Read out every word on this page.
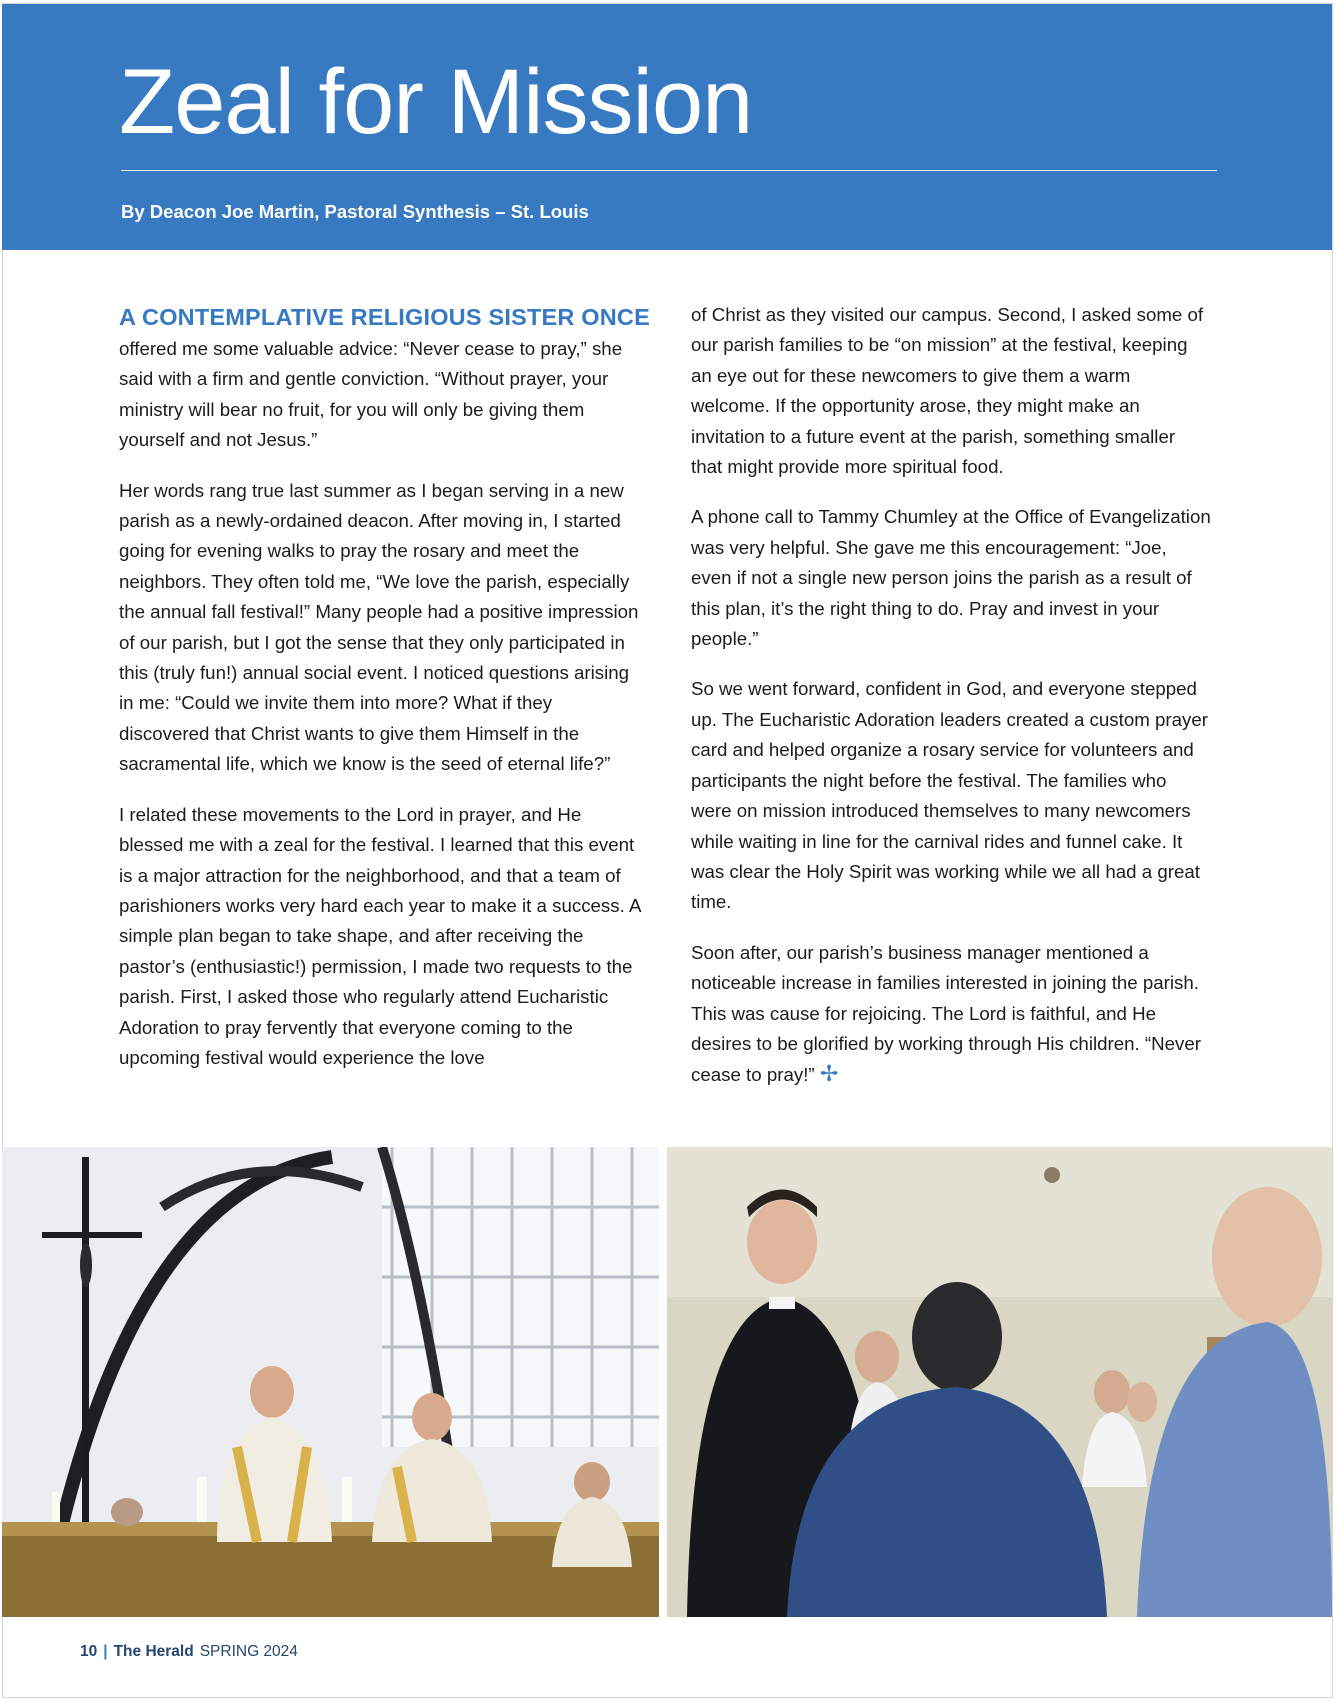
Zeal for Mission
By Deacon Joe Martin, Pastoral Synthesis – St. Louis
A CONTEMPLATIVE RELIGIOUS SISTER ONCE

offered me some valuable advice: “Never cease to pray,” she said with a firm and gentle conviction. “Without prayer, your ministry will bear no fruit, for you will only be giving them yourself and not Jesus.”

Her words rang true last summer as I began serving in a new parish as a newly-ordained deacon. After moving in, I started going for evening walks to pray the rosary and meet the neighbors. They often told me, “We love the parish, especially the annual fall festival!” Many people had a positive impression of our parish, but I got the sense that they only participated in this (truly fun!) annual social event. I noticed questions arising in me: “Could we invite them into more? What if they discovered that Christ wants to give them Himself in the sacramental life, which we know is the seed of eternal life?”

I related these movements to the Lord in prayer, and He blessed me with a zeal for the festival. I learned that this event is a major attraction for the neighborhood, and that a team of parishioners works very hard each year to make it a success. A simple plan began to take shape, and after receiving the pastor’s (enthusiastic!) permission, I made two requests to the parish. First, I asked those who regularly attend Eucharistic Adoration to pray fervently that everyone coming to the upcoming festival would experience the love

of Christ as they visited our campus. Second, I asked some of our parish families to be “on mission” at the festival, keeping an eye out for these newcomers to give them a warm welcome. If the opportunity arose, they might make an invitation to a future event at the parish, something smaller that might provide more spiritual food.

A phone call to Tammy Chumley at the Office of Evangelization was very helpful. She gave me this encouragement: “Joe, even if not a single new person joins the parish as a result of this plan, it’s the right thing to do. Pray and invest in your people.”

So we went forward, confident in God, and everyone stepped up. The Eucharistic Adoration leaders created a custom prayer card and helped organize a rosary service for volunteers and participants the night before the festival. The families who were on mission introduced themselves to many newcomers while waiting in line for the carnival rides and funnel cake. It was clear the Holy Spirit was working while we all had a great time.

Soon after, our parish’s business manager mentioned a noticeable increase in families interested in joining the parish. This was cause for rejoicing. The Lord is faithful, and He desires to be glorified by working through His children. “Never cease to pray!” ✢

10 | The Herald SPRING 2024
